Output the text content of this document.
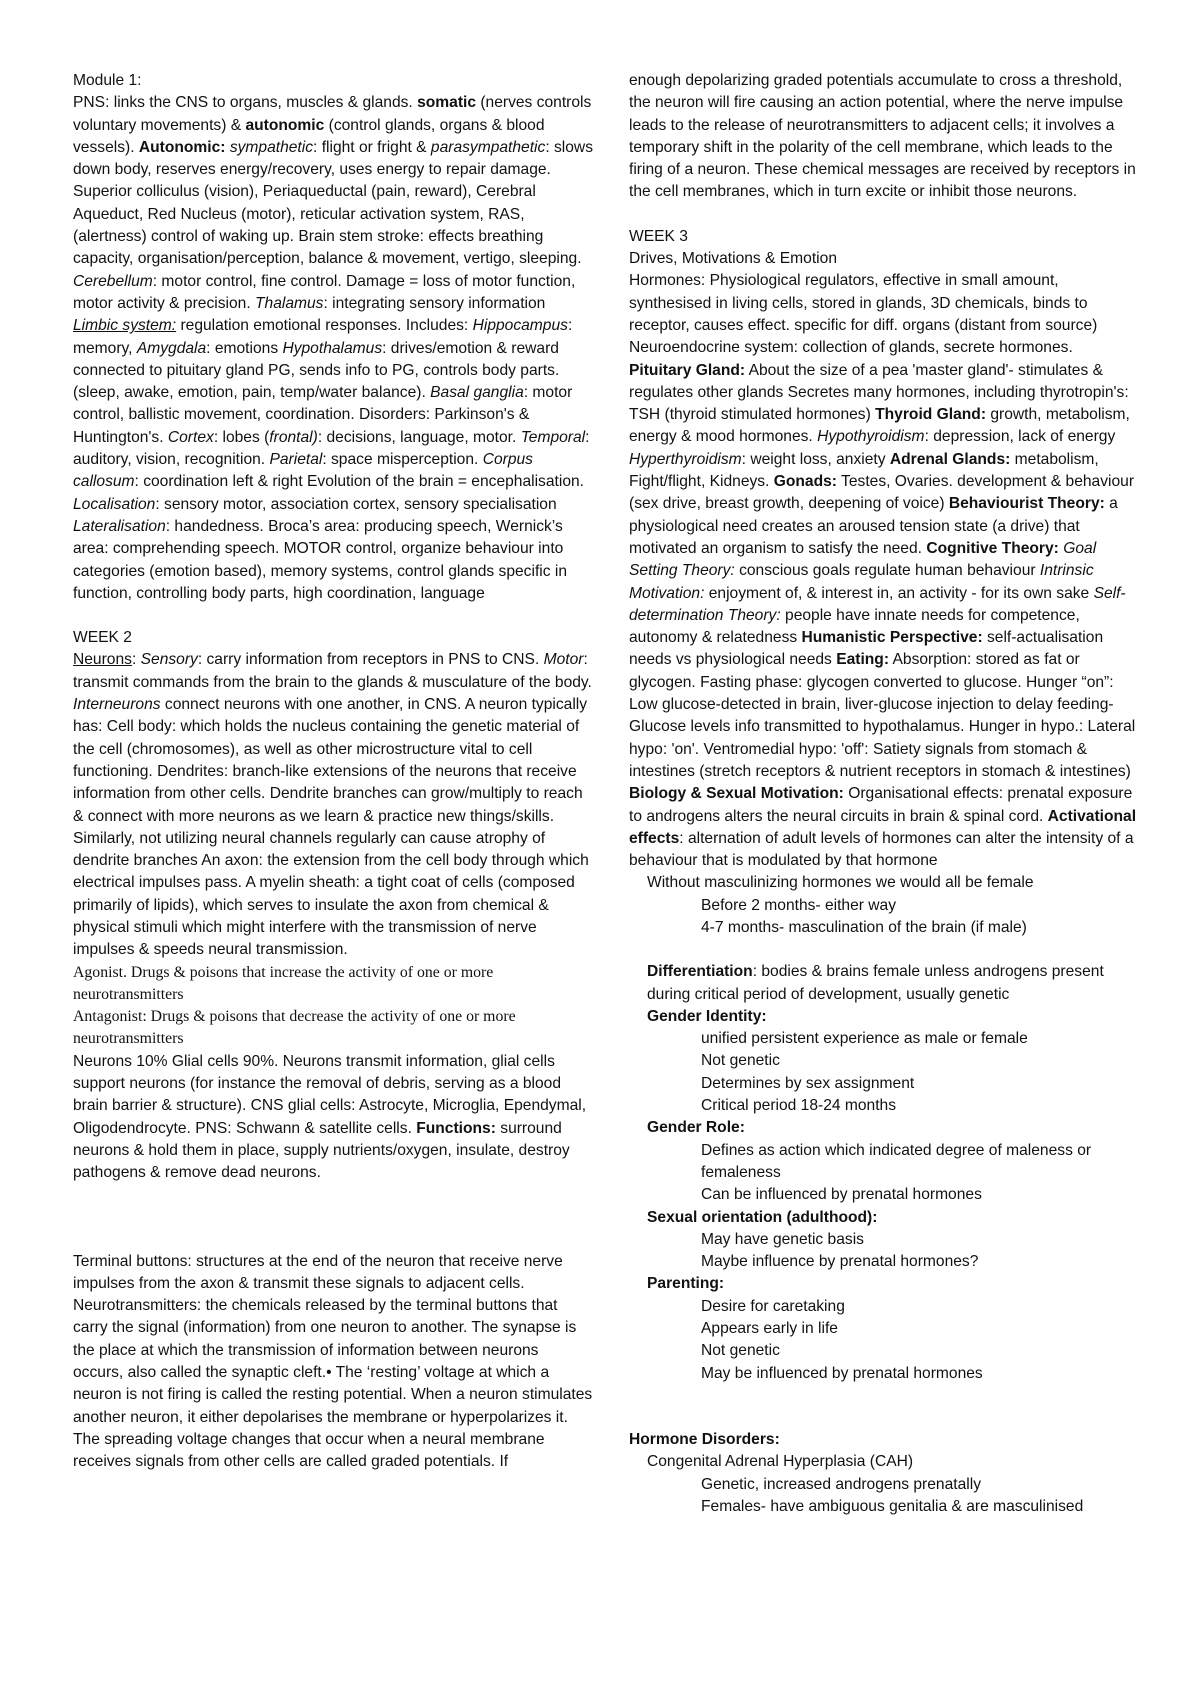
Module 1:
PNS: links the CNS to organs, muscles & glands. somatic (nerves controls voluntary movements) & autonomic (control glands, organs & blood vessels). Autonomic: sympathetic: flight or fright & parasympathetic: slows down body, reserves energy/recovery, uses energy to repair damage. Superior colliculus (vision), Periaqueductal (pain, reward), Cerebral Aqueduct, Red Nucleus (motor), reticular activation system, RAS, (alertness) control of waking up. Brain stem stroke: effects breathing capacity, organisation/perception, balance & movement, vertigo, sleeping. Cerebellum: motor control, fine control. Damage = loss of motor function, motor activity & precision. Thalamus: integrating sensory information Limbic system: regulation emotional responses. Includes: Hippocampus: memory, Amygdala: emotions Hypothalamus: drives/emotion & reward connected to pituitary gland PG, sends info to PG, controls body parts. (sleep, awake, emotion, pain, temp/water balance). Basal ganglia: motor control, ballistic movement, coordination. Disorders: Parkinson's & Huntington's. Cortex: lobes (frontal): decisions, language, motor. Temporal: auditory, vision, recognition. Parietal: space misperception. Corpus callosum: coordination left & right Evolution of the brain = encephalisation. Localisation: sensory motor, association cortex, sensory specialisation Lateralisation: handedness. Broca’s area: producing speech, Wernick’s area: comprehending speech. MOTOR control, organize behaviour into categories (emotion based), memory systems, control glands specific in function, controlling body parts, high coordination, language
WEEK 2
Neurons: Sensory: carry information from receptors in PNS to CNS. Motor: transmit commands from the brain to the glands & musculature of the body. Interneurons connect neurons with one another, in CNS. A neuron typically has: Cell body: which holds the nucleus containing the genetic material of the cell (chromosomes), as well as other microstructure vital to cell functioning. Dendrites: branch-like extensions of the neurons that receive information from other cells. Dendrite branches can grow/multiply to reach & connect with more neurons as we learn & practice new things/skills. Similarly, not utilizing neural channels regularly can cause atrophy of dendrite branches An axon: the extension from the cell body through which electrical impulses pass. A myelin sheath: a tight coat of cells (composed primarily of lipids), which serves to insulate the axon from chemical & physical stimuli which might interfere with the transmission of nerve impulses & speeds neural transmission.
Agonist. Drugs & poisons that increase the activity of one or more neurotransmitters
Antagonist: Drugs & poisons that decrease the activity of one or more neurotransmitters
Neurons 10% Glial cells 90%. Neurons transmit information, glial cells support neurons (for instance the removal of debris, serving as a blood brain barrier & structure). CNS glial cells: Astrocyte, Microglia, Ependymal, Oligodendrocyte. PNS: Schwann & satellite cells. Functions: surround neurons & hold them in place, supply nutrients/oxygen, insulate, destroy pathogens & remove dead neurons.
Terminal buttons: structures at the end of the neuron that receive nerve impulses from the axon & transmit these signals to adjacent cells. Neurotransmitters: the chemicals released by the terminal buttons that carry the signal (information) from one neuron to another. The synapse is the place at which the transmission of information between neurons occurs, also called the synaptic cleft.• The ‘resting’ voltage at which a neuron is not firing is called the resting potential. When a neuron stimulates another neuron, it either depolarises the membrane or hyperpolarizes it. The spreading voltage changes that occur when a neural membrane receives signals from other cells are called graded potentials. If
enough depolarizing graded potentials accumulate to cross a threshold, the neuron will fire causing an action potential, where the nerve impulse leads to the release of neurotransmitters to adjacent cells; it involves a temporary shift in the polarity of the cell membrane, which leads to the firing of a neuron. These chemical messages are received by receptors in the cell membranes, which in turn excite or inhibit those neurons.
WEEK 3
Drives, Motivations & Emotion
Hormones: Physiological regulators, effective in small amount, synthesised in living cells, stored in glands, 3D chemicals, binds to receptor, causes effect. specific for diff. organs (distant from source) Neuroendocrine system: collection of glands, secrete hormones. Pituitary Gland: About the size of a pea 'master gland'- stimulates & regulates other glands Secretes many hormones, including thyrotropin's: TSH (thyroid stimulated hormones) Thyroid Gland: growth, metabolism, energy & mood hormones. Hypothyroidism: depression, lack of energy Hyperthyroidism: weight loss, anxiety Adrenal Glands: metabolism, Fight/flight, Kidneys. Gonads: Testes, Ovaries. development & behaviour (sex drive, breast growth, deepening of voice) Behaviourist Theory: a physiological need creates an aroused tension state (a drive) that motivated an organism to satisfy the need. Cognitive Theory: Goal Setting Theory: conscious goals regulate human behaviour Intrinsic Motivation: enjoyment of, & interest in, an activity - for its own sake Self-determination Theory: people have innate needs for competence, autonomy & relatedness Humanistic Perspective: self-actualisation needs vs physiological needs Eating: Absorption: stored as fat or glycogen. Fasting phase: glycogen converted to glucose. Hunger “on”: Low glucose-detected in brain, liver-glucose injection to delay feeding- Glucose levels info transmitted to hypothalamus. Hunger in hypo.: Lateral hypo: 'on'. Ventromedial hypo: 'off': Satiety signals from stomach & intestines (stretch receptors & nutrient receptors in stomach & intestines) Biology & Sexual Motivation: Organisational effects: prenatal exposure to androgens alters the neural circuits in brain & spinal cord. Activational effects: alternation of adult levels of hormones can alter the intensity of a behaviour that is modulated by that hormone
Without masculinizing hormones we would all be female
Before 2 months- either way
4-7 months- masculination of the brain (if male)
Differentiation: bodies & brains female unless androgens present during critical period of development, usually genetic
Gender Identity:
unified persistent experience as male or female
Not genetic
Determines by sex assignment
Critical period 18-24 months
Gender Role:
Defines as action which indicated degree of maleness or femaleness
Can be influenced by prenatal hormones
Sexual orientation (adulthood):
May have genetic basis
Maybe influence by prenatal hormones?
Parenting:
Desire for caretaking
Appears early in life
Not genetic
May be influenced by prenatal hormones
Hormone Disorders:
Congenital Adrenal Hyperplasia (CAH)
Genetic, increased androgens prenatally
Females- have ambiguous genitalia & are masculinised
